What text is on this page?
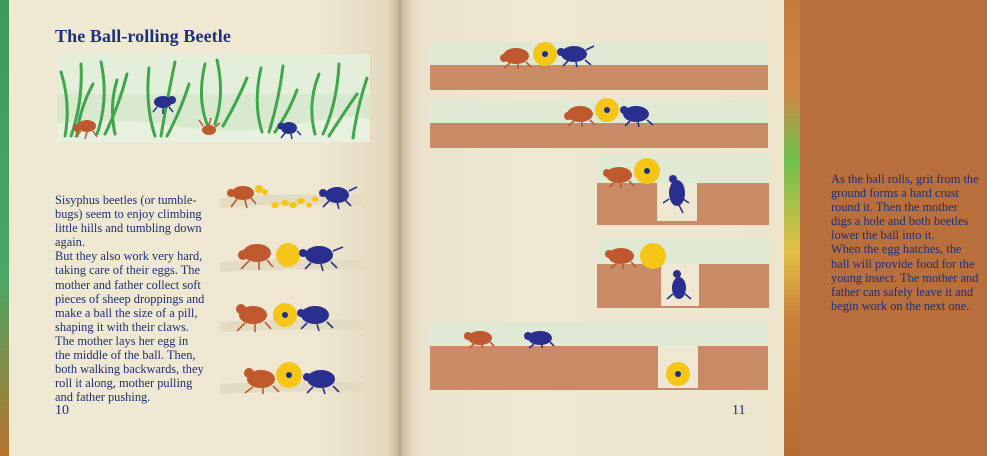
The Ball-rolling Beetle

Sisyphus beetles (or tumble-
bugs) seem to enjoy climbing
little hills and tumbling down
again.
But they also work very hard,
taking care of their eggs. The
mother and father collect soft
pieces of sheep droppings and
make a ball the size of a pill,
shaping it with their claws.
The mother lays her egg in
the middle of the ball. Then,
both walking backwards, they
roll it along, mother pulling
and father pushing.

10

As the ball rolls, grit from the
ground forms a hard crust
round it. Then the mother
digs a hole and both beetles
lower the ball into it.
When the egg hatches, the
ball will provide food for the
young insect. The mother and
father can safely leave it and
begin work on the next one.

11
